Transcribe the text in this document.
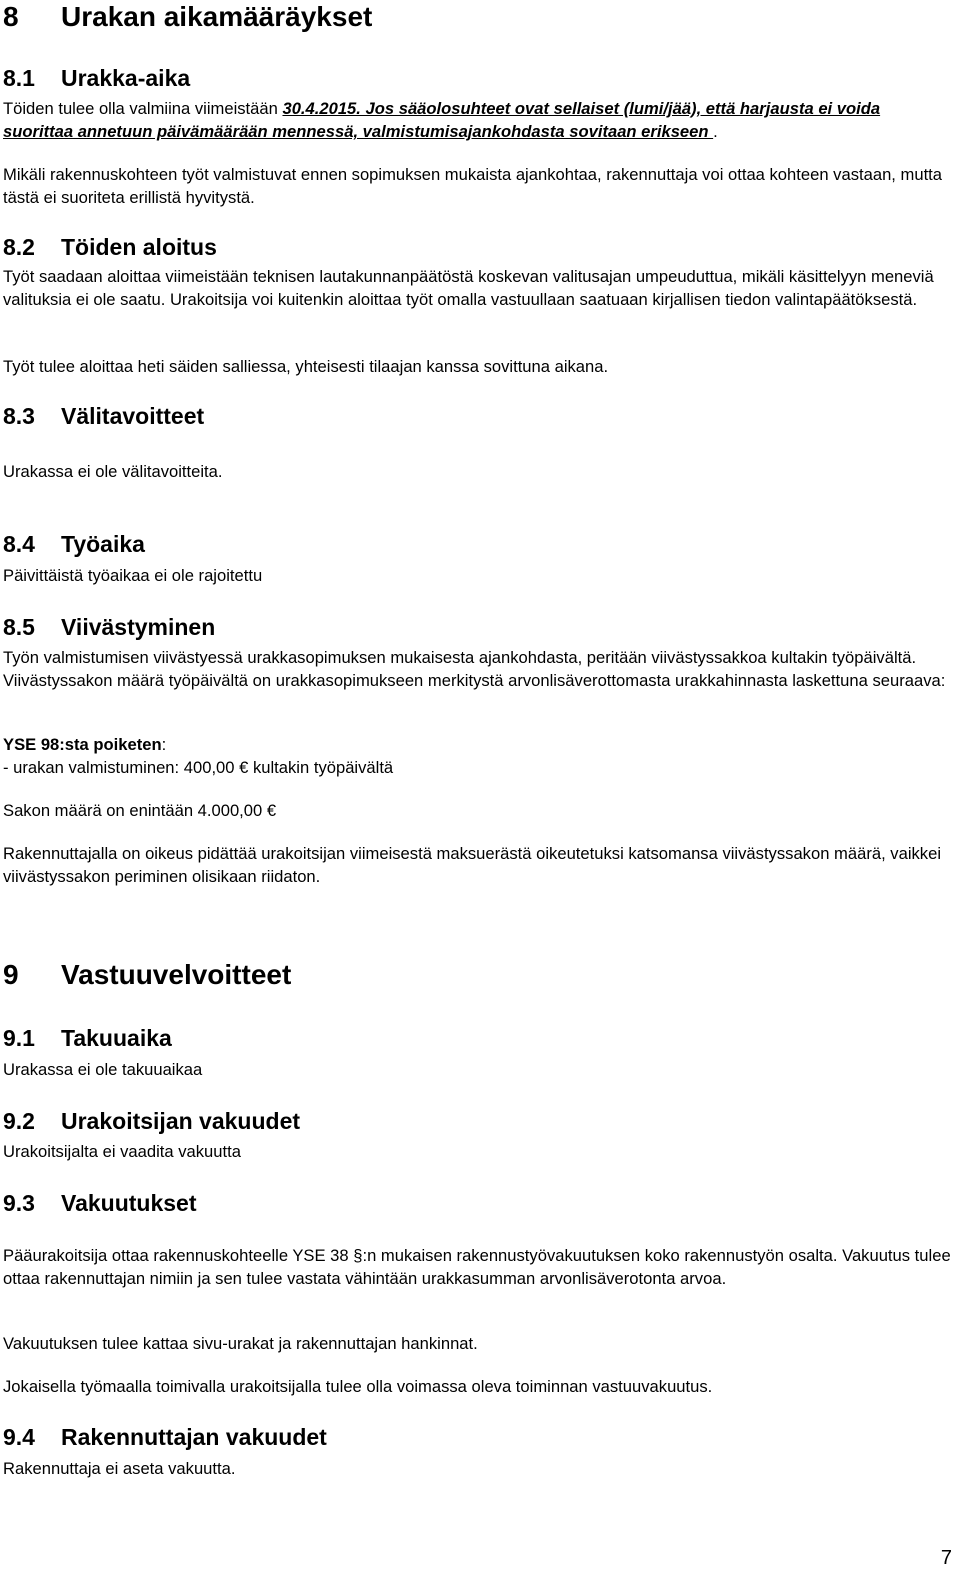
8 Urakan aikamääräykset
8.1 Urakka-aika

Töiden tulee olla valmiina viimeistään 30.4.2015. Jos sääolosuhteet ovat sellaiset (lumi/jää), että harjausta ei voida suorittaa annetuun päivämäärään mennessä, valmistumisajankohdasta sovitaan erikseen .

Mikäli rakennuskohteen työt valmistuvat ennen sopimuksen mukaista ajankohtaa, rakennuttaja voi ottaa kohteen vastaan, mutta tästä ei suoriteta erillistä hyvitystä.

8.2 Töiden aloitus

Työt saadaan aloittaa viimeistään teknisen lautakunnanpäätöstä koskevan valitusajan umpeuduttua, mikäli käsittelyyn meneviä valituksia ei ole saatu. Urakoitsija voi kuitenkin aloittaa työt omalla vastuullaan saatuaan kirjallisen tiedon valintapäätöksestä.

Työt tulee aloittaa heti säiden salliessa, yhteisesti tilaajan kanssa sovittuna aikana.

8.3 Välitavoitteet

Urakassa ei ole välitavoitteita.

8.4 Työaika

Päivittäistä työaikaa ei ole rajoitettu

8.5 Viivästyminen

Työn valmistumisen viivästyessä urakkasopimuksen mukaisesta ajankohdasta, peritään viivästyssakkoa kultakin työpäivältä. Viivästyssakon määrä työpäivältä on urakkasopimukseen merkitystä arvonlisäverottomasta urakkahinnasta laskettuna seuraava:

YSE 98:sta poiketen:
- urakan valmistuminen: 400,00 € kultakin työpäivältä

Sakon määrä on enintään 4.000,00 €

Rakennuttajalla on oikeus pidättää urakoitsijan viimeisestä maksuerästä oikeutetuksi katsomansa viivästyssakon määrä, vaikkei viivästyssakon periminen olisikaan riidaton.

9 Vastuuvelvoitteet
9.1 Takuuaika

Urakassa ei ole takuuaikaa

9.2 Urakoitsijan vakuudet

Urakoitsijalta ei vaadita vakuutta

9.3 Vakuutukset

Pääurakoitsija ottaa rakennuskohteelle YSE 38 §:n mukaisen rakennustyövakuutuksen koko rakennustyön osalta. Vakuutus tulee ottaa rakennuttajan nimiin ja sen tulee vastata vähintään urakkasumman arvonlisäverotonta arvoa.

Vakuutuksen tulee kattaa sivu-urakat ja rakennuttajan hankinnat.

Jokaisella työmaalla toimivalla urakoitsijalla tulee olla voimassa oleva toiminnan vastuuvakuutus.

9.4 Rakennuttajan vakuudet

Rakennuttaja ei aseta vakuutta.

7
